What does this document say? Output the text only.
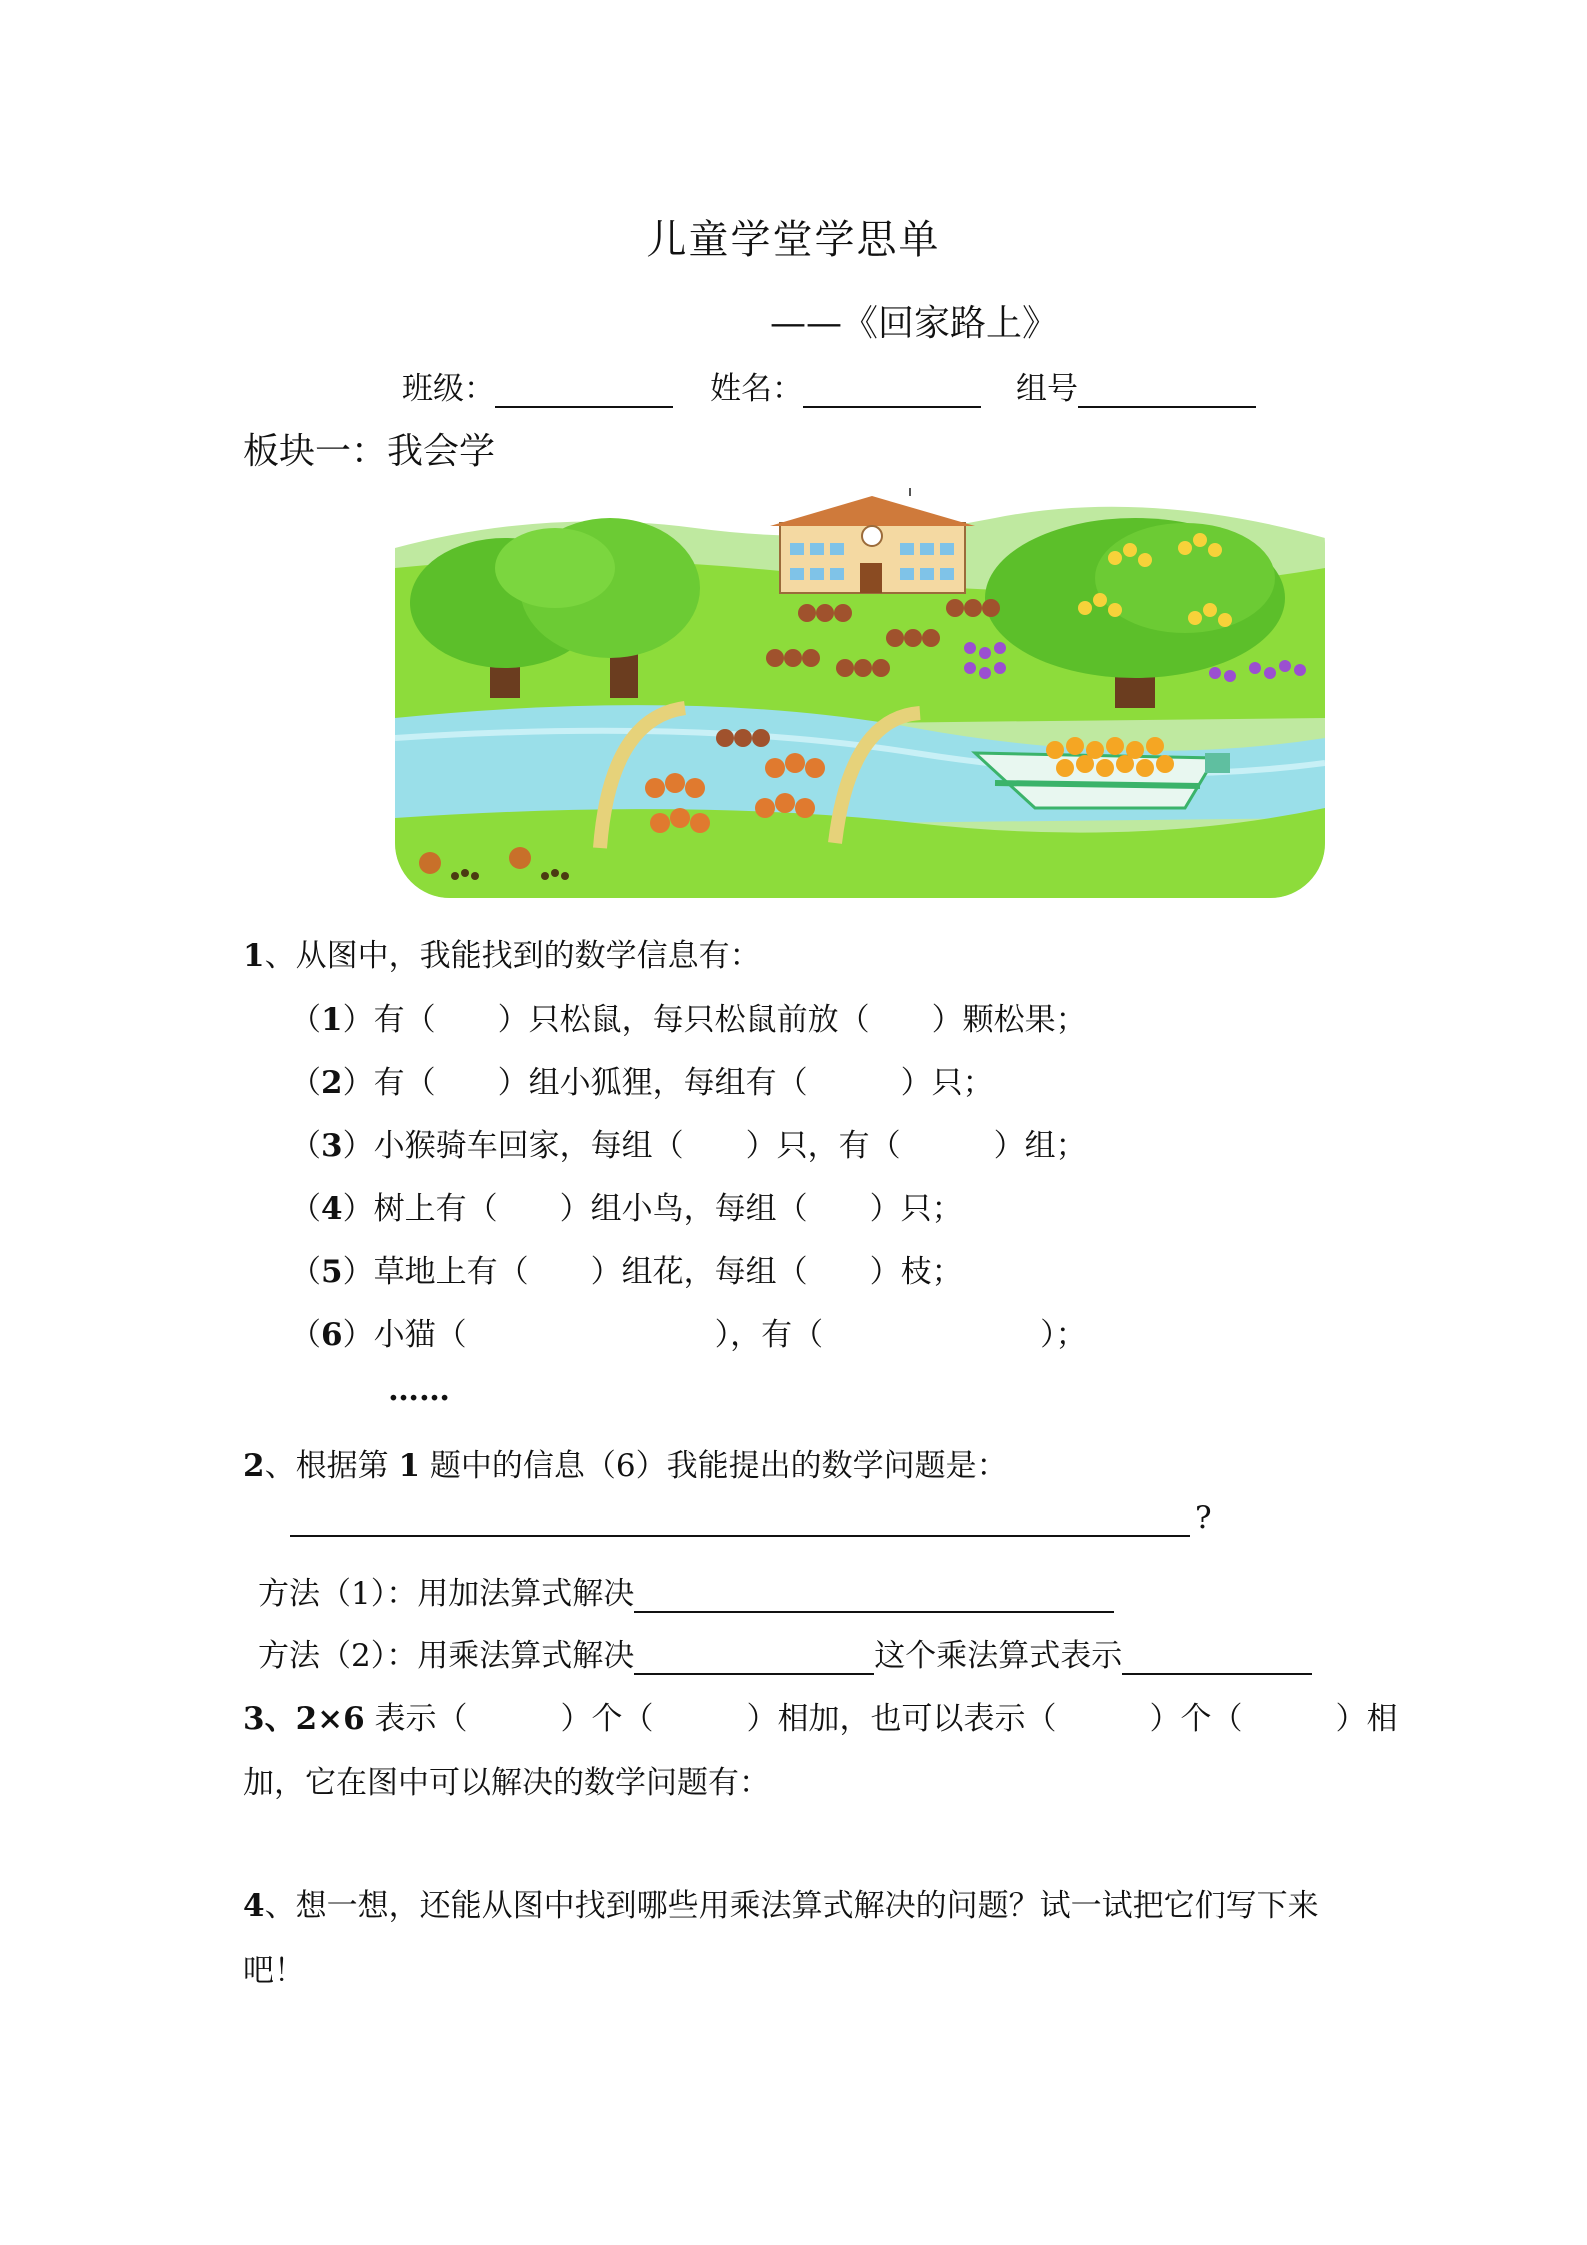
儿童学堂学思单
——《回家路上》
班级：	姓名：	组号
板块一：我会学
1、从图中，我能找到的数学信息有：
（1）有（　　）只松鼠，每只松鼠前放（　　）颗松果；
（2）有（　　）组小狐狸，每组有（　　　）只；
（3）小猴骑车回家，每组（　　）只，有（　　　）组；
（4）树上有（　　）组小鸟，每组（　　）只；
（5）草地上有（　　）组花，每组（　　）枝；
（6）小猫（　　　　　　　　），有（　　　　　　　）；
……
2、根据第 1 题中的信息（6）我能提出的数学问题是：
?
方法（1）：用加法算式解决
方法（2）：用乘法算式解决	这个乘法算式表示
3、2×6 表示（　　　）个（　　　）相加，也可以表示（　　　）个（　　　）相
加，它在图中可以解决的数学问题有：
4、想一想，还能从图中找到哪些用乘法算式解决的问题？试一试把它们写下来
吧！
